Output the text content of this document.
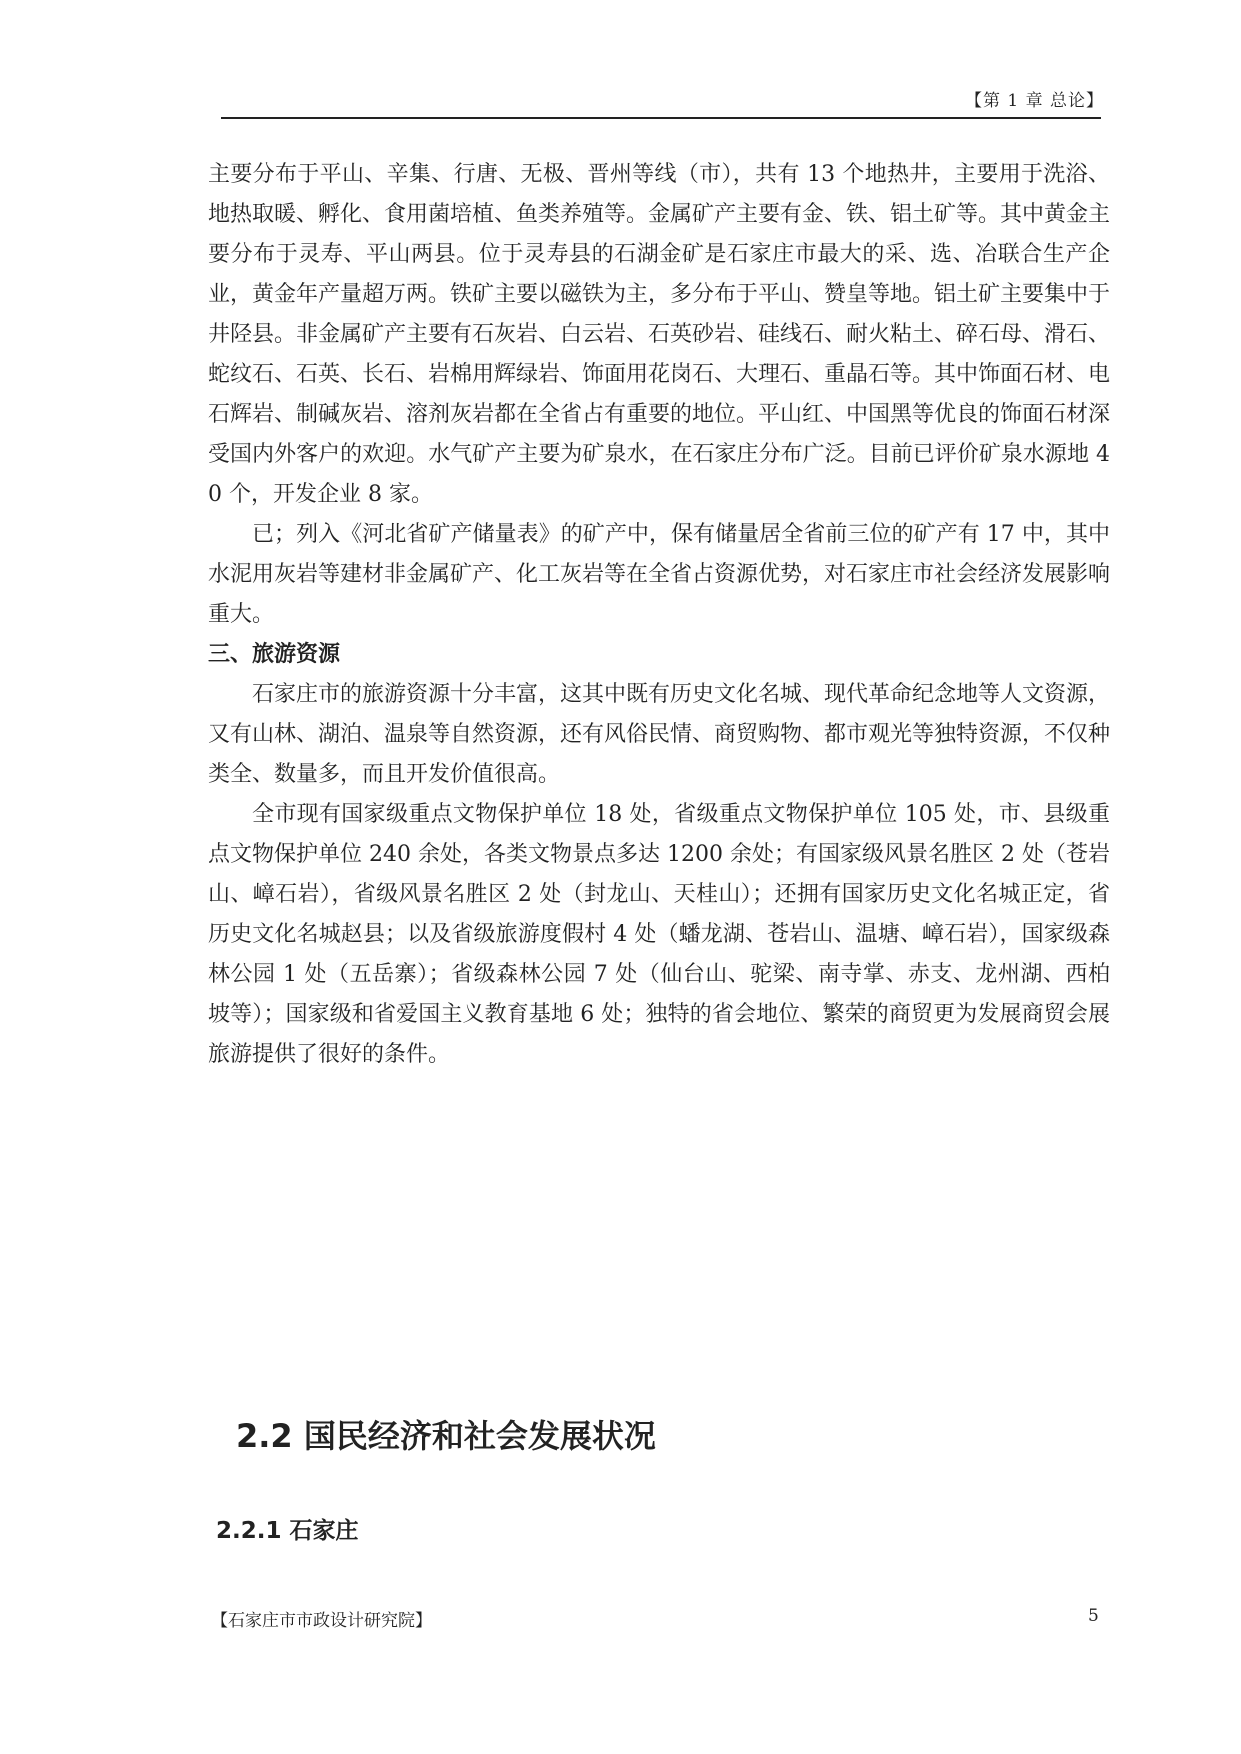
【第 1 章 总论】

主要分布于平山、辛集、行唐、无极、晋州等线（市），共有 13 个地热井，主要用于洗浴、地热取暖、孵化、食用菌培植、鱼类养殖等。金属矿产主要有金、铁、铝土矿等。其中黄金主要分布于灵寿、平山两县。位于灵寿县的石湖金矿是石家庄市最大的采、选、冶联合生产企业，黄金年产量超万两。铁矿主要以磁铁为主，多分布于平山、赞皇等地。铝土矿主要集中于井陉县。非金属矿产主要有石灰岩、白云岩、石英砂岩、硅线石、耐火粘土、碎石母、滑石、蛇纹石、石英、长石、岩棉用辉绿岩、饰面用花岗石、大理石、重晶石等。其中饰面石材、电石辉岩、制碱灰岩、溶剂灰岩都在全省占有重要的地位。平山红、中国黑等优良的饰面石材深受国内外客户的欢迎。水气矿产主要为矿泉水，在石家庄分布广泛。目前已评价矿泉水源地 40 个，开发企业 8 家。

已；列入《河北省矿产储量表》的矿产中，保有储量居全省前三位的矿产有 17 中，其中水泥用灰岩等建材非金属矿产、化工灰岩等在全省占资源优势，对石家庄市社会经济发展影响重大。

三、旅游资源

石家庄市的旅游资源十分丰富，这其中既有历史文化名城、现代革命纪念地等人文资源，又有山林、湖泊、温泉等自然资源，还有风俗民情、商贸购物、都市观光等独特资源，不仅种类全、数量多，而且开发价值很高。

全市现有国家级重点文物保护单位 18 处，省级重点文物保护单位 105 处，市、县级重点文物保护单位 240 余处，各类文物景点多达 1200 余处；有国家级风景名胜区 2 处（苍岩山、嶂石岩），省级风景名胜区 2 处（封龙山、天桂山）；还拥有国家历史文化名城正定，省历史文化名城赵县；以及省级旅游度假村 4 处（蟠龙湖、苍岩山、温塘、嶂石岩），国家级森林公园 1 处（五岳寨）；省级森林公园 7 处（仙台山、驼梁、南寺掌、赤支、龙州湖、西柏坡等）；国家级和省爱国主义教育基地 6 处；独特的省会地位、繁荣的商贸更为发展商贸会展旅游提供了很好的条件。

2.2 国民经济和社会发展状况
2.2.1 石家庄
【石家庄市市政设计研究院】	5
